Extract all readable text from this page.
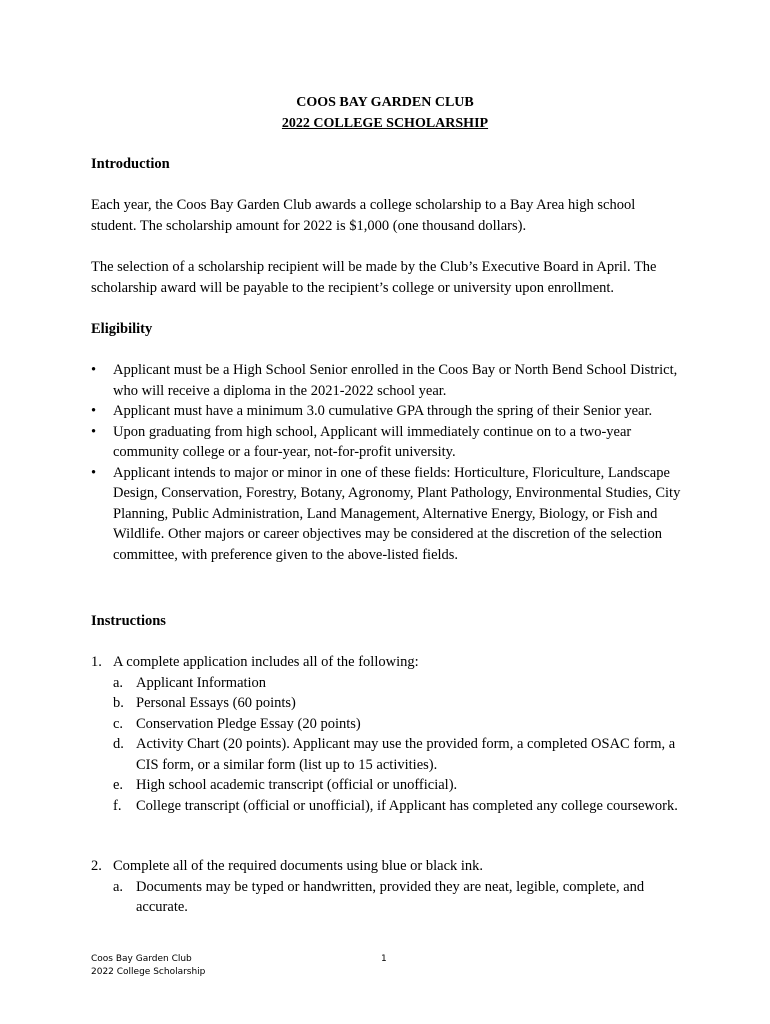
COOS BAY GARDEN CLUB
2022 COLLEGE SCHOLARSHIP
Introduction
Each year, the Coos Bay Garden Club awards a college scholarship to a Bay Area high school student. The scholarship amount for 2022 is $1,000 (one thousand dollars).
The selection of a scholarship recipient will be made by the Club’s Executive Board in April. The scholarship award will be payable to the recipient’s college or university upon enrollment.
Eligibility
•	Applicant must be a High School Senior enrolled in the Coos Bay or North Bend School District, who will receive a diploma in the 2021-2022 school year.
•	Applicant must have a minimum 3.0 cumulative GPA through the spring of their Senior year.
•	Upon graduating from high school, Applicant will immediately continue on to a two-year community college or a four-year, not-for-profit university.
•	Applicant intends to major or minor in one of these fields: Horticulture, Floriculture, Landscape Design, Conservation, Forestry, Botany, Agronomy, Plant Pathology, Environmental Studies, City Planning, Public Administration, Land Management, Alternative Energy, Biology, or Fish and Wildlife. Other majors or career objectives may be considered at the discretion of the selection committee, with preference given to the above-listed fields.
Instructions
1. A complete application includes all of the following:
a. Applicant Information
b. Personal Essays (60 points)
c. Conservation Pledge Essay (20 points)
d. Activity Chart (20 points). Applicant may use the provided form, a completed OSAC form, a CIS form, or a similar form (list up to 15 activities).
e. High school academic transcript (official or unofficial).
f. College transcript (official or unofficial), if Applicant has completed any college coursework.
2. Complete all of the required documents using blue or black ink.
a. Documents may be typed or handwritten, provided they are neat, legible, complete, and accurate.
Coos Bay Garden Club
2022 College Scholarship
1
